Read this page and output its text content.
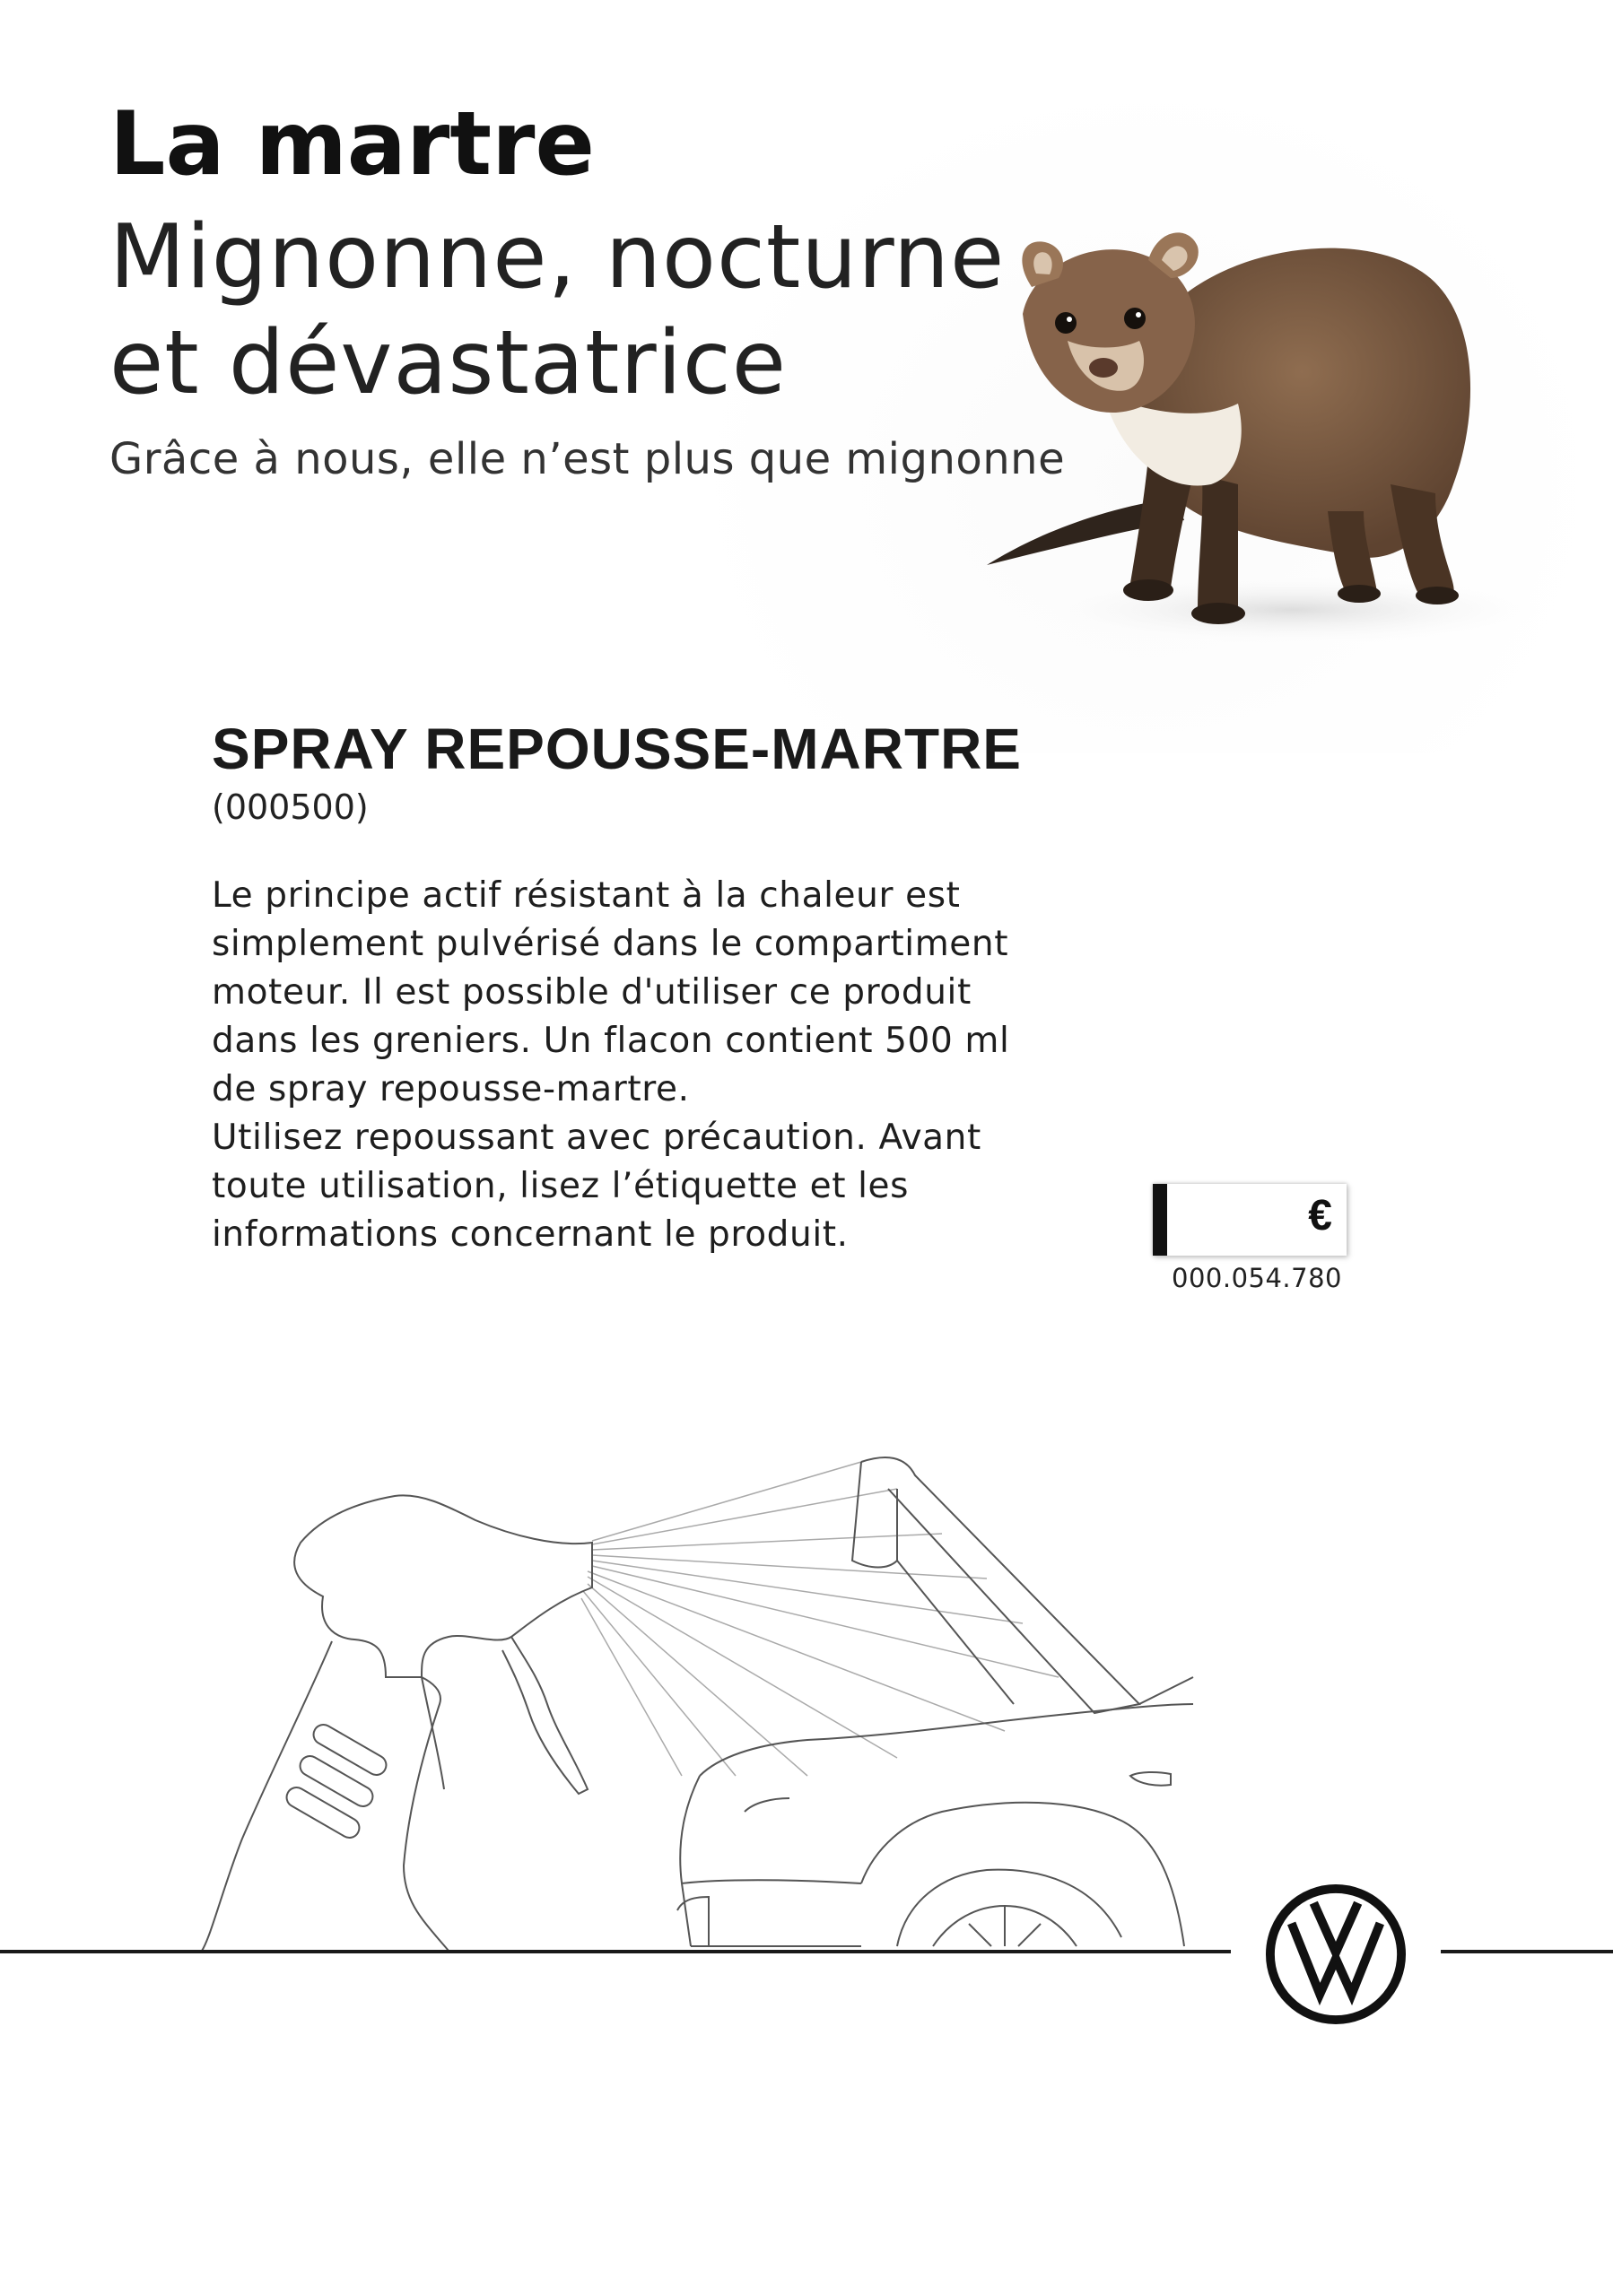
La martre
Mignonne, nocturne
et dévastatrice

Grâce à nous, elle n’est plus que mignonne

SPRAY REPOUSSE-MARTRE

(000500)

Le principe actif résistant à la chaleur est
simplement pulvérisé dans le compartiment
moteur. Il est possible d'utiliser ce produit
dans les greniers. Un flacon contient 500 ml
de spray repousse-martre.
Utilisez repoussant avec précaution. Avant
toute utilisation, lisez l’étiquette et les
informations concernant le produit.	€
000.054.780
